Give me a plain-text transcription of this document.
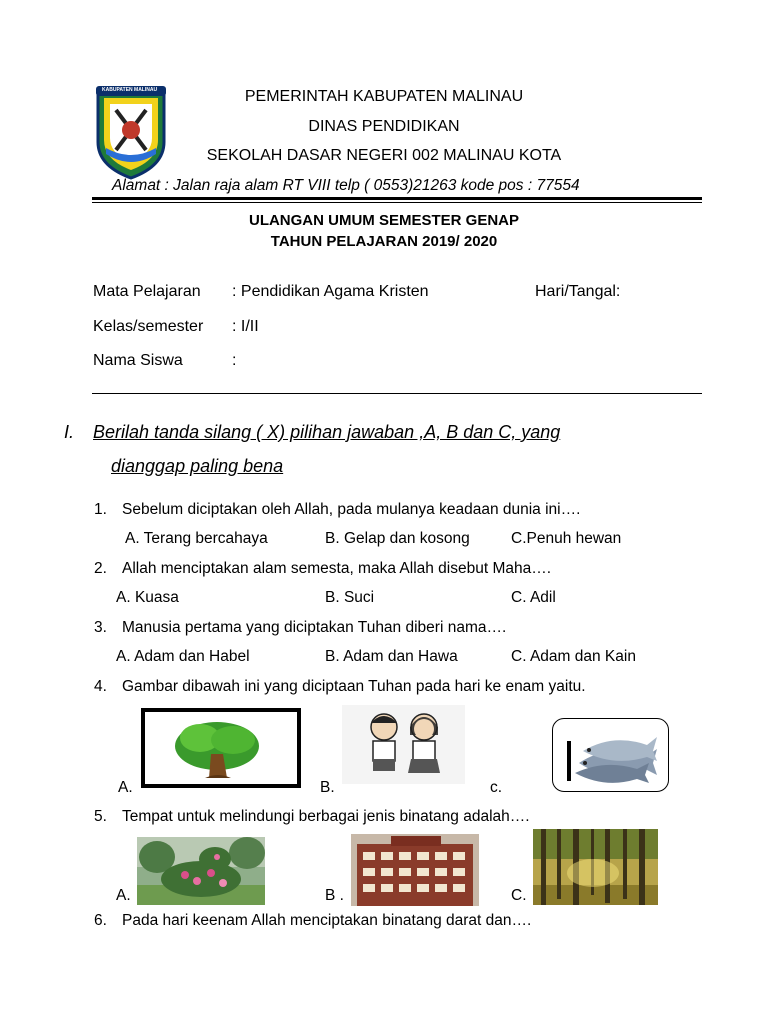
KABUPATEN MALINAU	PEMERINTAH KABUPATEN MALINAU
DINAS PENDIDIKAN
SEKOLAH DASAR NEGERI 002 MALINAU KOTA
Alamat : Jalan raja alam RT VIII telp ( 0553)21263 kode pos : 77554
ULANGAN UMUM SEMESTER GENAP
TAHUN PELAJARAN 2019/ 2020
Mata Pelajaran : Pendidikan Agama Kristen	Hari/Tangal:
Kelas/semester : I/II
Nama Siswa	:
I. Berilah tanda silang ( X) pilihan jawaban ,A, B dan C, yang
dianggap paling bena
1. Sebelum diciptakan oleh Allah, pada mulanya keadaan dunia ini….
A. Terang bercahaya	B. Gelap dan kosong	C.Penuh hewan
2. Allah menciptakan alam semesta, maka Allah disebut Maha….
A. Kuasa	B. Suci	C. Adil
3. Manusia pertama yang diciptakan Tuhan diberi nama….
A. Adam dan Habel	B. Adam dan Hawa	C. Adam dan Kain
4. Gambar dibawah ini yang diciptaan Tuhan pada hari ke enam yaitu.
A.	B.	c.
5. Tempat untuk melindungi berbagai jenis binatang adalah….
A.	B .	C.
6. Pada hari keenam Allah menciptakan binatang darat dan….
